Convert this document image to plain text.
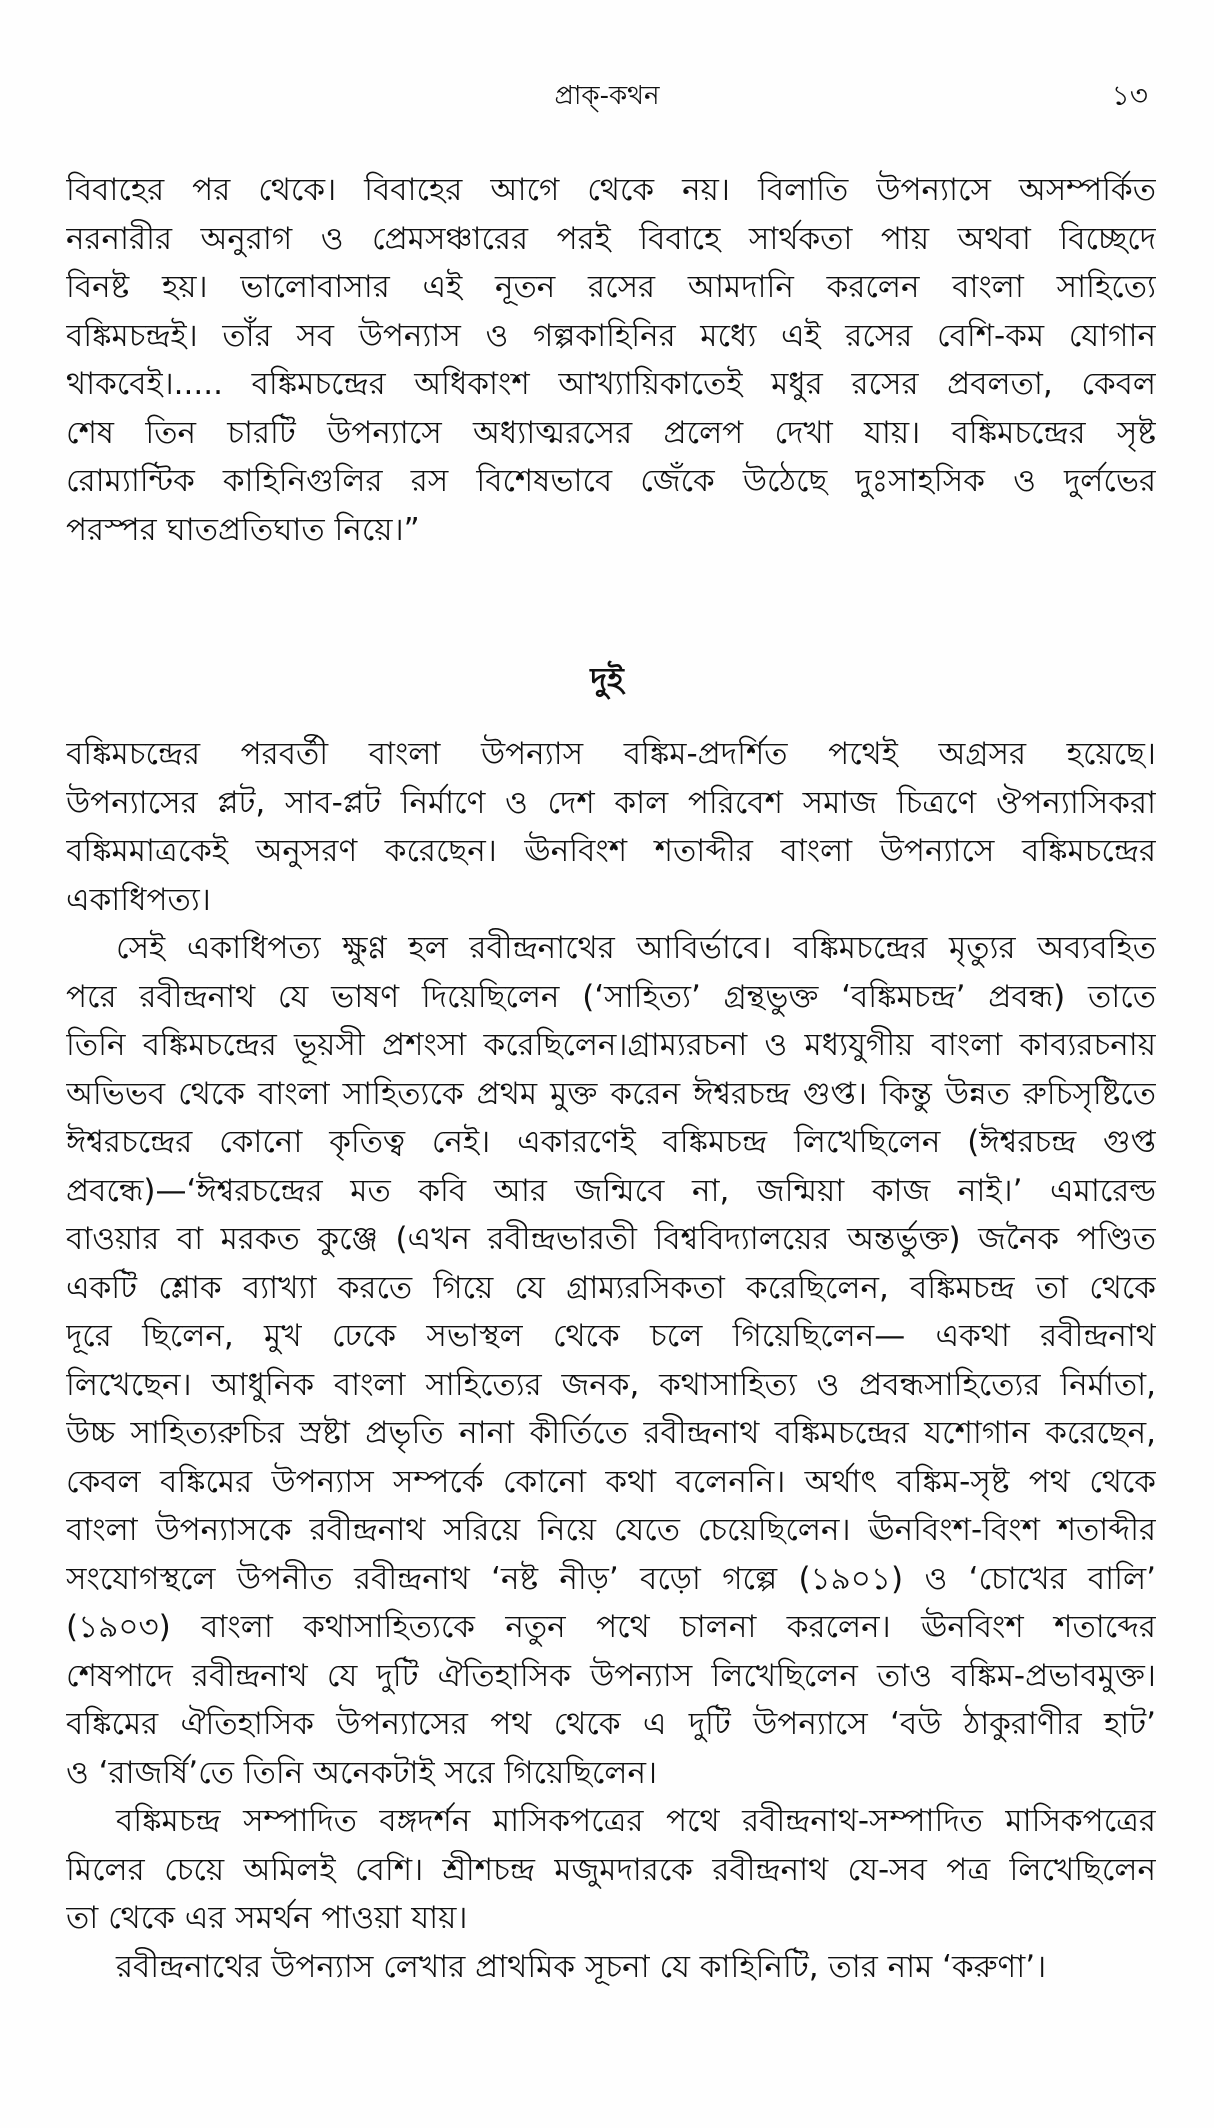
প্রাক্-কথন	১৩
বিবাহের পর থেকে। বিবাহের আগে থেকে নয়। বিলাতি উপন্যাসে অসম্পর্কিত
নরনারীর অনুরাগ ও প্রেমসঞ্চারের পরই বিবাহে সার্থকতা পায় অথবা বিচ্ছেদে
বিনষ্ট হয়। ভালোবাসার এই নূতন রসের আমদানি করলেন বাংলা সাহিত্যে
বঙ্কিমচন্দ্রই। তাঁর সব উপন্যাস ও গল্পকাহিনির মধ্যে এই রসের বেশি-কম যোগান
থাকবেই।..... বঙ্কিমচন্দ্রের অধিকাংশ আখ্যায়িকাতেই মধুর রসের প্রবলতা, কেবল
শেষ তিন চারটি উপন্যাসে অধ্যাত্মরসের প্রলেপ দেখা যায়। বঙ্কিমচন্দ্রের সৃষ্ট
রোম্যান্টিক কাহিনিগুলির রস বিশেষভাবে জেঁকে উঠেছে দুঃসাহসিক ও দুর্লভের
পরস্পর ঘাতপ্রতিঘাত নিয়ে।”
দুই
বঙ্কিমচন্দ্রের পরবর্তী বাংলা উপন্যাস বঙ্কিম-প্রদর্শিত পথেই অগ্রসর হয়েছে।
উপন্যাসের প্লট, সাব-প্লট নির্মাণে ও দেশ কাল পরিবেশ সমাজ চিত্রণে ঔপন্যাসিকরা
বঙ্কিমমাত্রকেই অনুসরণ করেছেন। ঊনবিংশ শতাব্দীর বাংলা উপন্যাসে বঙ্কিমচন্দ্রের
একাধিপত্য।
সেই একাধিপত্য ক্ষুণ্ণ হল রবীন্দ্রনাথের আবির্ভাবে। বঙ্কিমচন্দ্রের মৃত্যুর অব্যবহিত
পরে রবীন্দ্রনাথ যে ভাষণ দিয়েছিলেন (‘সাহিত্য’ গ্রন্থভুক্ত ‘বঙ্কিমচন্দ্র’ প্রবন্ধ) তাতে
তিনি বঙ্কিমচন্দ্রের ভূয়সী প্রশংসা করেছিলেন।গ্রাম্যরচনা ও মধ্যযুগীয় বাংলা কাব্যরচনায়
অভিভব থেকে বাংলা সাহিত্যকে প্রথম মুক্ত করেন ঈশ্বরচন্দ্র গুপ্ত। কিন্তু উন্নত রুচিসৃষ্টিতে
ঈশ্বরচন্দ্রের কোনো কৃতিত্ব নেই। একারণেই বঙ্কিমচন্দ্র লিখেছিলেন (ঈশ্বরচন্দ্র গুপ্ত
প্রবন্ধে)—‘ঈশ্বরচন্দ্রের মত কবি আর জন্মিবে না, জন্মিয়া কাজ নাই।’ এমারেল্ড
বাওয়ার বা মরকত কুঞ্জে (এখন রবীন্দ্রভারতী বিশ্ববিদ্যালয়ের অন্তর্ভুক্ত) জনৈক পণ্ডিত
একটি শ্লোক ব্যাখ্যা করতে গিয়ে যে গ্রাম্যরসিকতা করেছিলেন, বঙ্কিমচন্দ্র তা থেকে
দূরে ছিলেন, মুখ ঢেকে সভাস্থল থেকে চলে গিয়েছিলেন— একথা রবীন্দ্রনাথ
লিখেছেন। আধুনিক বাংলা সাহিত্যের জনক, কথাসাহিত্য ও প্রবন্ধসাহিত্যের নির্মাতা,
উচ্চ সাহিত্যরুচির স্রষ্টা প্রভৃতি নানা কীর্তিতে রবীন্দ্রনাথ বঙ্কিমচন্দ্রের যশোগান করেছেন,
কেবল বঙ্কিমের উপন্যাস সম্পর্কে কোনো কথা বলেননি। অর্থাৎ বঙ্কিম-সৃষ্ট পথ থেকে
বাংলা উপন্যাসকে রবীন্দ্রনাথ সরিয়ে নিয়ে যেতে চেয়েছিলেন। ঊনবিংশ-বিংশ শতাব্দীর
সংযোগস্থলে উপনীত রবীন্দ্রনাথ ‘নষ্ট নীড়’ বড়ো গল্পে (১৯০১) ও ‘চোখের বালি’
(১৯০৩) বাংলা কথাসাহিত্যকে নতুন পথে চালনা করলেন। ঊনবিংশ শতাব্দের
শেষপাদে রবীন্দ্রনাথ যে দুটি ঐতিহাসিক উপন্যাস লিখেছিলেন তাও বঙ্কিম-প্রভাবমুক্ত।
বঙ্কিমের ঐতিহাসিক উপন্যাসের পথ থেকে এ দুটি উপন্যাসে ‘বউ ঠাকুরাণীর হাট’
ও ‘রাজর্ষি’তে তিনি অনেকটাই সরে গিয়েছিলেন।
বঙ্কিমচন্দ্র সম্পাদিত বঙ্গদর্শন মাসিকপত্রের পথে রবীন্দ্রনাথ-সম্পাদিত মাসিকপত্রের
মিলের চেয়ে অমিলই বেশি। শ্রীশচন্দ্র মজুমদারকে রবীন্দ্রনাথ যে-সব পত্র লিখেছিলেন
তা থেকে এর সমর্থন পাওয়া যায়।
রবীন্দ্রনাথের উপন্যাস লেখার প্রাথমিক সূচনা যে কাহিনিটি, তার নাম ‘করুণা’।
